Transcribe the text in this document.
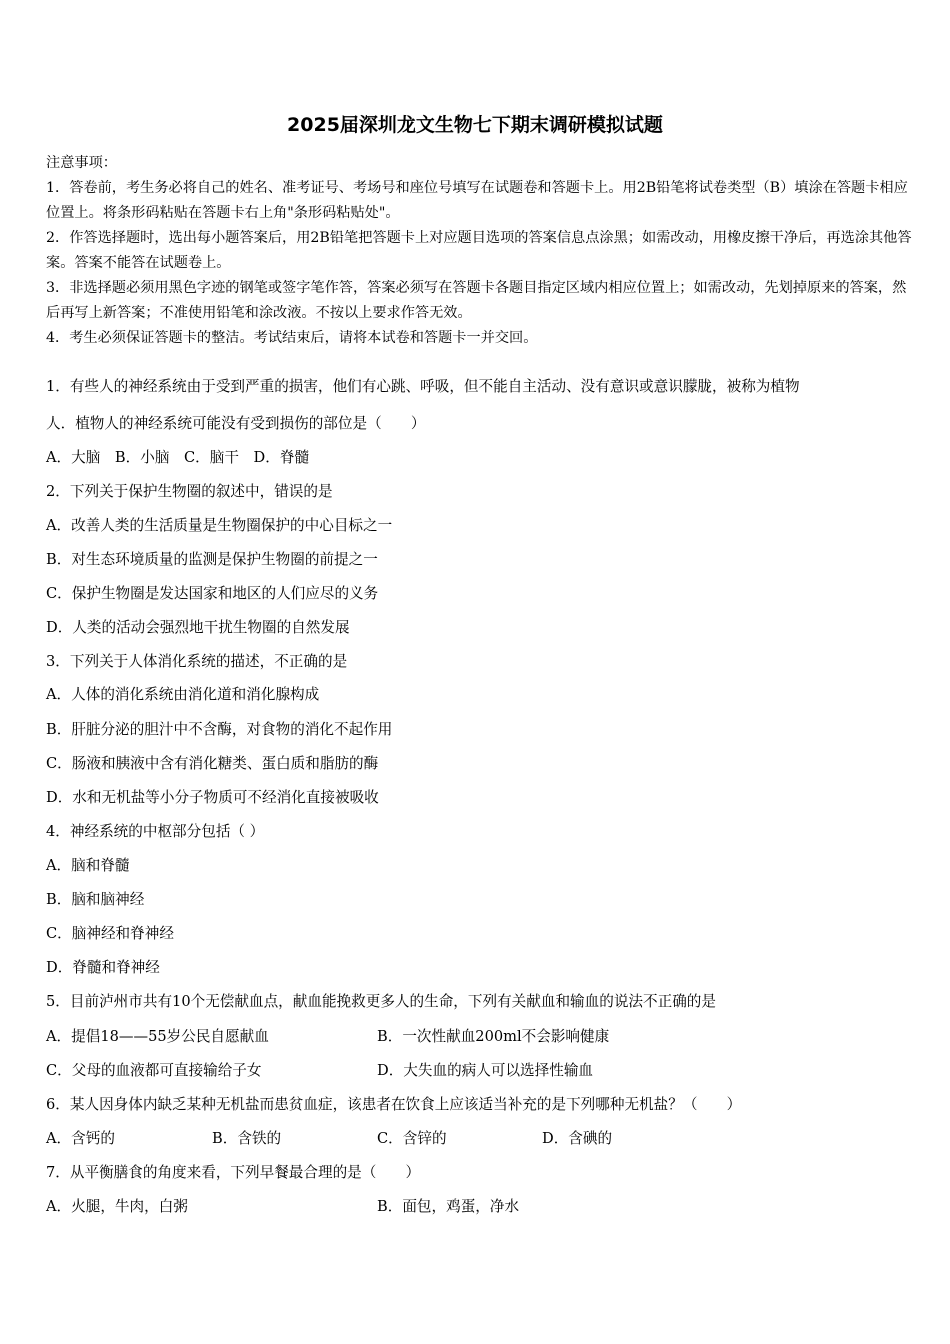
2025届深圳龙文生物七下期末调研模拟试题
注意事项：
1．答卷前，考生务必将自己的姓名、准考证号、考场号和座位号填写在试题卷和答题卡上。用2B铅笔将试卷类型（B）填涂在答题卡相应位置上。将条形码粘贴在答题卡右上角"条形码粘贴处"。
2．作答选择题时，选出每小题答案后，用2B铅笔把答题卡上对应题目选项的答案信息点涂黑；如需改动，用橡皮擦干净后，再选涂其他答案。答案不能答在试题卷上。
3．非选择题必须用黑色字迹的钢笔或签字笔作答，答案必须写在答题卡各题目指定区域内相应位置上；如需改动，先划掉原来的答案，然后再写上新答案；不准使用铅笔和涂改液。不按以上要求作答无效。
4．考生必须保证答题卡的整洁。考试结束后，请将本试卷和答题卡一并交回。
1．有些人的神经系统由于受到严重的损害，他们有心跳、呼吸，但不能自主活动、没有意识或意识朦胧，被称为植物
人．植物人的神经系统可能没有受到损伤的部位是（　　）
A．大脑　B．小脑　C．脑干　D．脊髓
2．下列关于保护生物圈的叙述中，错误的是
A．改善人类的生活质量是生物圈保护的中心目标之一
B．对生态环境质量的监测是保护生物圈的前提之一
C．保护生物圈是发达国家和地区的人们应尽的义务
D．人类的活动会强烈地干扰生物圈的自然发展
3．下列关于人体消化系统的描述，不正确的是
A．人体的消化系统由消化道和消化腺构成
B．肝脏分泌的胆汁中不含酶，对食物的消化不起作用
C．肠液和胰液中含有消化糖类、蛋白质和脂肪的酶
D．水和无机盐等小分子物质可不经消化直接被吸收
4．神经系统的中枢部分包括（ ）
A．脑和脊髓
B．脑和脑神经
C．脑神经和脊神经
D．脊髓和脊神经
5．目前泸州市共有10个无偿献血点，献血能挽救更多人的生命，下列有关献血和输血的说法不正确的是
A．提倡18——55岁公民自愿献血	B．一次性献血200ml不会影响健康
C．父母的血液都可直接输给子女	D．大失血的病人可以选择性输血
6．某人因身体内缺乏某种无机盐而患贫血症，该患者在饮食上应该适当补充的是下列哪种无机盐？（　　）
A．含钙的	B．含铁的	C．含锌的	D．含碘的
7．从平衡膳食的角度来看，下列早餐最合理的是（　　）
A．火腿，牛肉，白粥	B．面包，鸡蛋，净水
